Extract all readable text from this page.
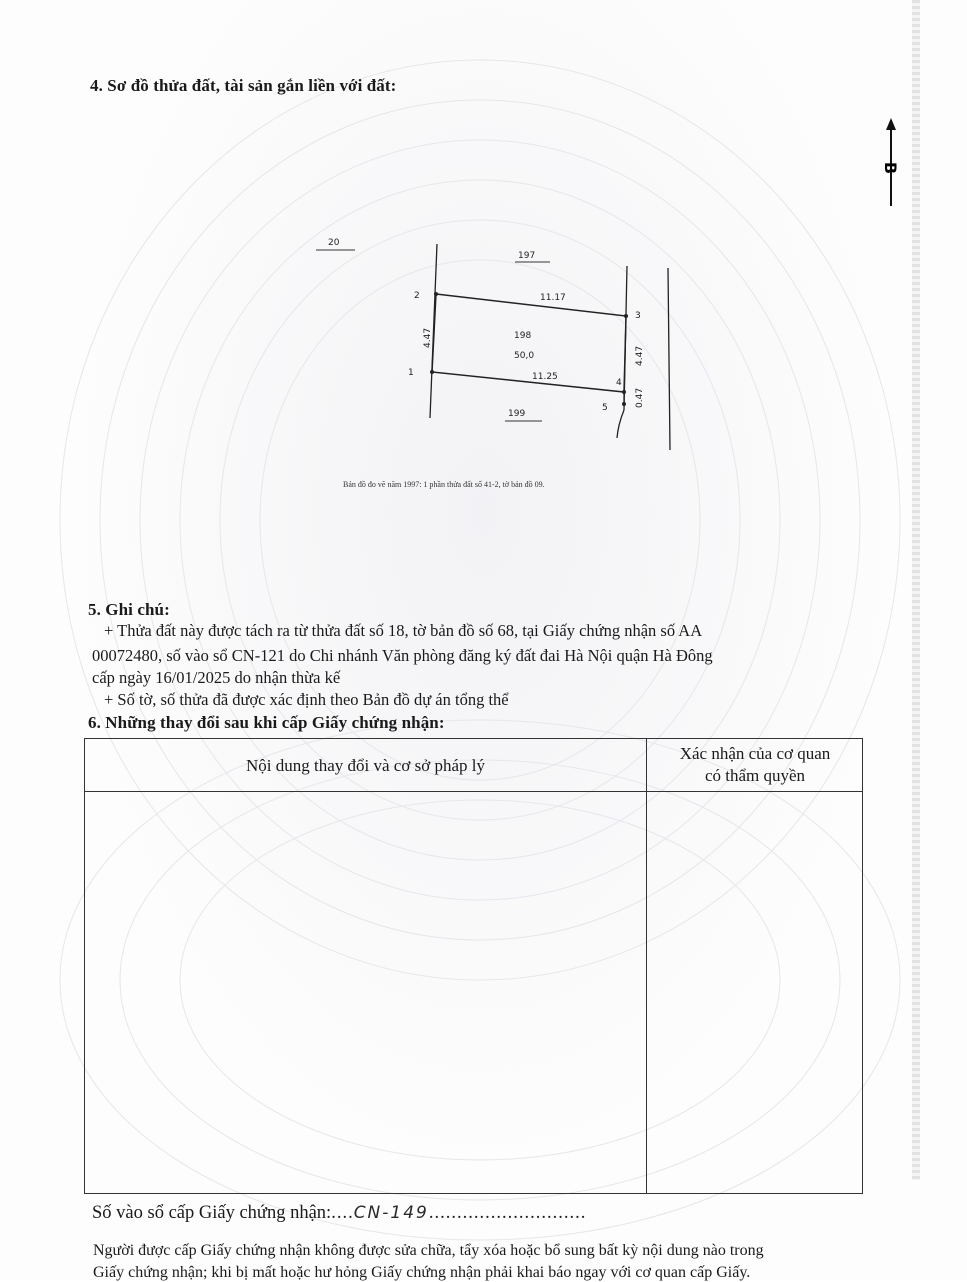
4. Sơ đồ thửa đất, tài sản gắn liền với đất:
B
20
197
198
50,0
199
2
3
4
1
5
11.17
11.25
4.47
4.47
0.47
Bản đồ đo vẽ năm 1997: 1 phần thửa đất số 41-2, tờ bản đồ 09.
5. Ghi chú:
+ Thửa đất này được tách ra từ thửa đất số 18, tờ bản đồ số 68, tại Giấy chứng nhận số AA
00072480, số vào sổ CN-121 do Chi nhánh Văn phòng đăng ký đất đai Hà Nội quận Hà Đông
cấp ngày 16/01/2025 do nhận thừa kế
+ Số tờ, số thửa đã được xác định theo Bản đồ dự án tổng thể
6. Những thay đổi sau khi cấp Giấy chứng nhận:
Nội dung thay đổi và cơ sở pháp lý
Xác nhận của cơ quan
có thẩm quyền
Số vào sổ cấp Giấy chứng nhận:....CN-149............................
Người được cấp Giấy chứng nhận không được sửa chữa, tẩy xóa hoặc bổ sung bất kỳ nội dung nào trong
Giấy chứng nhận; khi bị mất hoặc hư hỏng Giấy chứng nhận phải khai báo ngay với cơ quan cấp Giấy.
